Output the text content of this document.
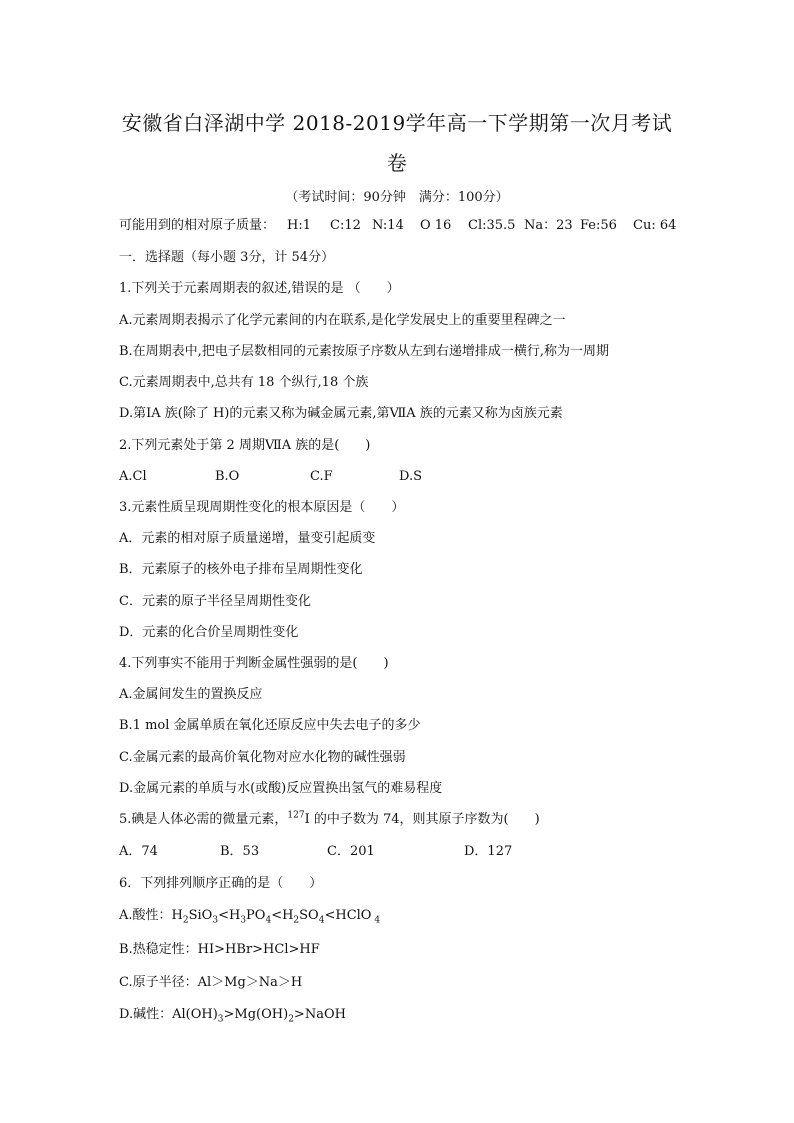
安徽省白泽湖中学 2018-2019学年高一下学期第一次月考试
卷
（考试时间：90分钟　满分：100分）
可能用到的相对原子质量： H:1 C:12 N:14 O 16 Cl:35.5 Na：23 Fe:56 Cu: 64
一．选择题（每小题 3分，计 54分）
1.下列关于元素周期表的叙述,错误的是 （　　）
A.元素周期表揭示了化学元素间的内在联系,是化学发展史上的重要里程碑之一
B.在周期表中,把电子层数相同的元素按原子序数从左到右递增排成一横行,称为一周期
C.元素周期表中,总共有 18 个纵行,18 个族
D.第ⅠA 族(除了 H)的元素又称为碱金属元素,第ⅦA 族的元素又称为卤族元素
2.下列元素处于第 2 周期ⅦA 族的是(　　)
A.Cl	B.O	C.F	D.S
3.元素性质呈现周期性变化的根本原因是（　　）
A．元素的相对原子质量递增，量变引起质变
B．元素原子的核外电子排布呈周期性变化
C．元素的原子半径呈周期性变化
D．元素的化合价呈周期性变化
4.下列事实不能用于判断金属性强弱的是(　　)
A.金属间发生的置换反应
B.1 mol 金属单质在氧化还原反应中失去电子的多少
C.金属元素的最高价氧化物对应水化物的碱性强弱
D.金属元素的单质与水(或酸)反应置换出氢气的难易程度
5.碘是人体必需的微量元素，$^{127}$I 的中子数为 74，则其原子序数为(　　)
A．74	B．53	C．201	D．127
6．下列排列顺序正确的是（　　）
A.酸性：$H_2SiO_3<H_3PO_4<H_2SO_4<HClO$ $_4$
B.热稳定性：HI>HBr>HCl>HF
C.原子半径：Al＞Mg＞Na＞H
D.碱性：$Al(OH)_3>Mg(OH)_2>NaOH$
